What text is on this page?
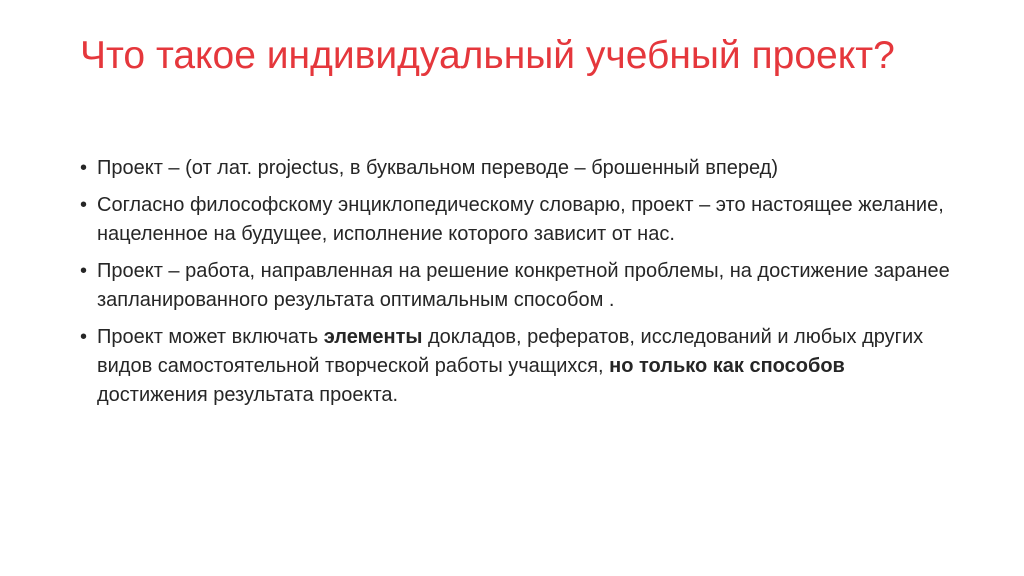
Что такое индивидуальный учебный проект?
• Проект – (от лат. projectus, в буквальном переводе – брошенный вперед)
• Согласно философскому энциклопедическому словарю, проект – это настоящее желание, нацеленное на будущее, исполнение которого зависит от нас.
• Проект – работа, направленная на решение конкретной проблемы, на достижение заранее запланированного результата оптимальным способом .
• Проект может включать элементы докладов, рефератов, исследований и любых других видов самостоятельной творческой работы учащихся, но только как способов достижения результата проекта.
